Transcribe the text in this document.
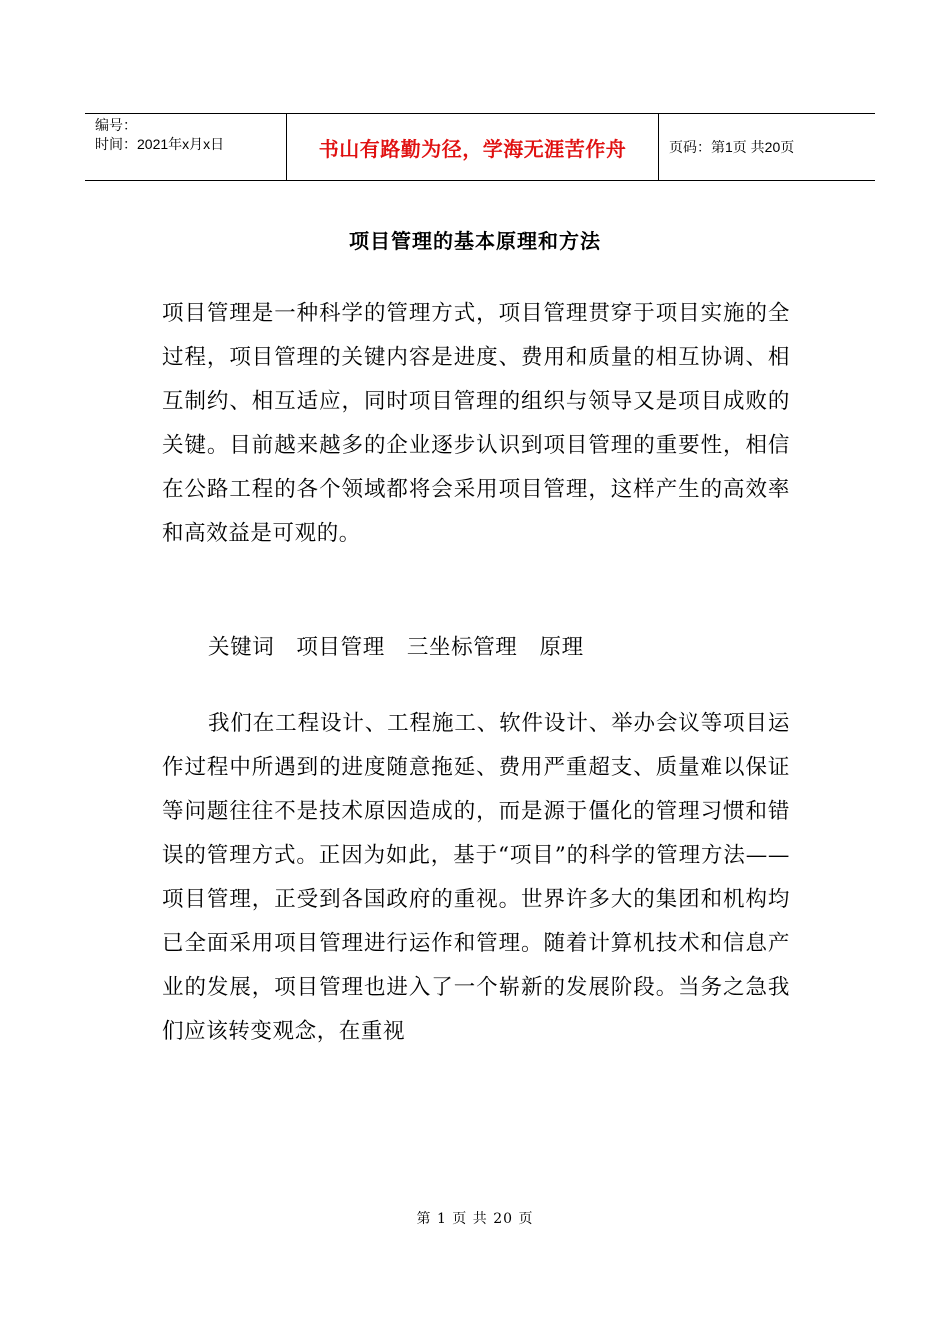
编号：
时间：2021年x月x日	书山有路勤为径，学海无涯苦作舟	页码：第1页 共20页
项目管理的基本原理和方法
项目管理是一种科学的管理方式，项目管理贯穿于项目实施的全过程，项目管理的关键内容是进度、费用和质量的相互协调、相互制约、相互适应，同时项目管理的组织与领导又是项目成败的关键。目前越来越多的企业逐步认识到项目管理的重要性，相信在公路工程的各个领域都将会采用项目管理，这样产生的高效率和高效益是可观的。
关键词　项目管理　三坐标管理　原理
我们在工程设计、工程施工、软件设计、举办会议等项目运作过程中所遇到的进度随意拖延、费用严重超支、质量难以保证等问题往往不是技术原因造成的，而是源于僵化的管理习惯和错误的管理方式。正因为如此，基于“项目”的科学的管理方法——项目管理，正受到各国政府的重视。世界许多大的集团和机构均已全面采用项目管理进行运作和管理。随着计算机技术和信息产业的发展，项目管理也进入了一个崭新的发展阶段。当务之急我们应该转变观念，在重视
第 1 页 共 20 页
